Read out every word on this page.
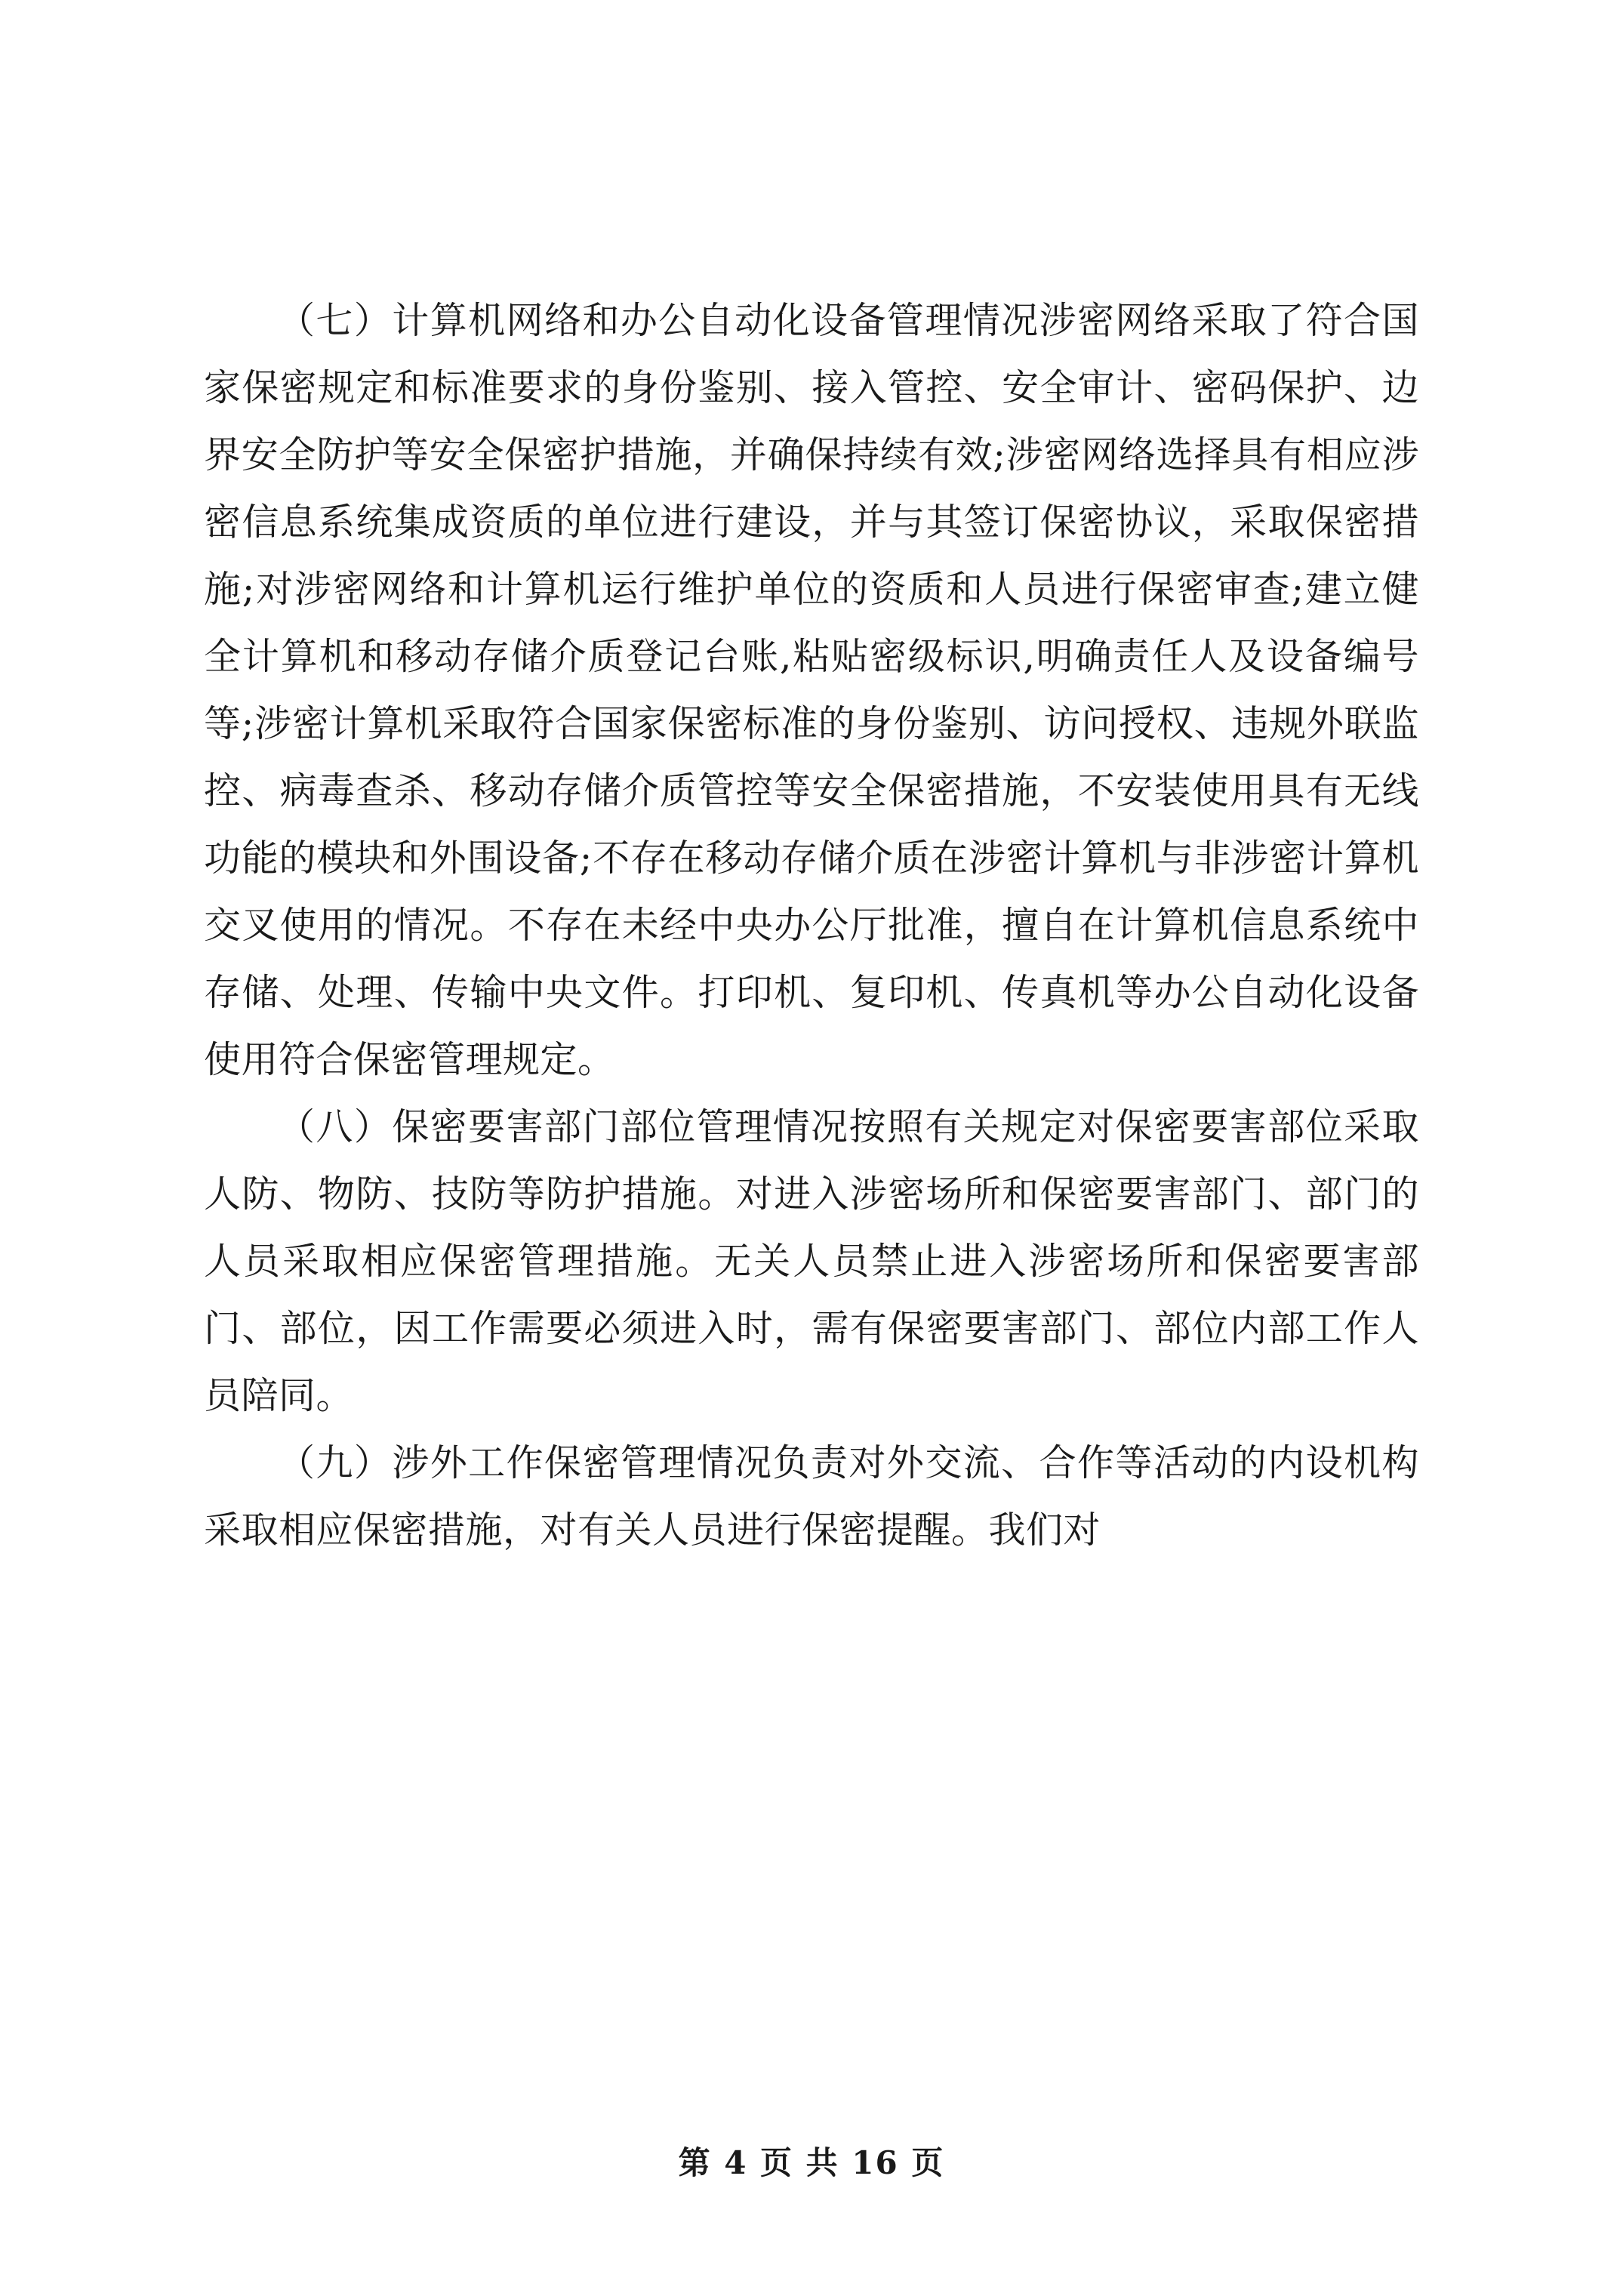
（七）计算机网络和办公自动化设备管理情况涉密网络采取了符合国家保密规定和标准要求的身份鉴别、接入管控、安全审计、密码保护、边界安全防护等安全保密护措施，并确保持续有效;涉密网络选择具有相应涉密信息系统集成资质的单位进行建设，并与其签订保密协议，采取保密措施;对涉密网络和计算机运行维护单位的资质和人员进行保密审查;建立健全计算机和移动存储介质登记台账,粘贴密级标识,明确责任人及设备编号等;涉密计算机采取符合国家保密标准的身份鉴别、访问授权、违规外联监控、病毒查杀、移动存储介质管控等安全保密措施，不安装使用具有无线功能的模块和外围设备;不存在移动存储介质在涉密计算机与非涉密计算机交叉使用的情况。不存在未经中央办公厅批准，擅自在计算机信息系统中存储、处理、传输中央文件。打印机、复印机、传真机等办公自动化设备使用符合保密管理规定。

（八）保密要害部门部位管理情况按照有关规定对保密要害部位采取人防、物防、技防等防护措施。对进入涉密场所和保密要害部门、部门的人员采取相应保密管理措施。无关人员禁止进入涉密场所和保密要害部门、部位，因工作需要必须进入时，需有保密要害部门、部位内部工作人员陪同。

（九）涉外工作保密管理情况负责对外交流、合作等活动的内设机构采取相应保密措施，对有关人员进行保密提醒。我们对

第 4 页 共 16 页
